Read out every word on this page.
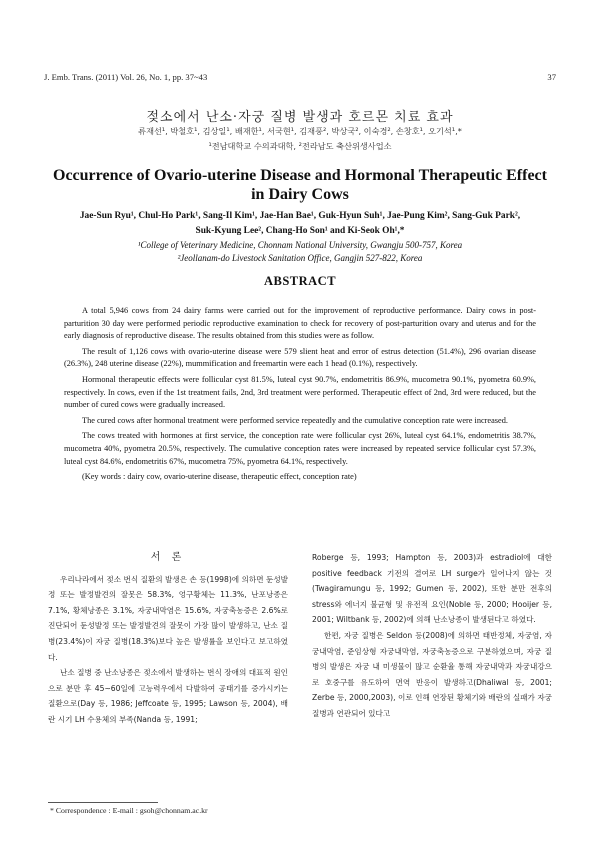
J. Emb. Trans. (2011) Vol. 26, No. 1, pp. 37~43	37
젖소에서 난소·자궁 질병 발생과 호르몬 치료 효과
류재선¹, 박철호¹, 김상일¹, 배재한¹, 서국현¹, 김재풍², 박상국², 이숙경², 손창호¹, 오기석¹,*
¹전남대학교 수의과대학, ²전라남도 축산위생사업소
Occurrence of Ovario-uterine Disease and Hormonal Therapeutic Effect
in Dairy Cows
Jae-Sun Ryu¹, Chul-Ho Park¹, Sang-Il Kim¹, Jae-Han Bae¹, Guk-Hyun Suh¹, Jae-Pung Kim², Sang-Guk Park²,
Suk-Kyung Lee², Chang-Ho Son¹ and Ki-Seok Oh¹,*
¹College of Veterinary Medicine, Chonnam National University, Gwangju 500-757, Korea
²Jeollanam-do Livestock Sanitation Office, Gangjin 527-822, Korea
ABSTRACT

A total 5,946 cows from 24 dairy farms were carried out for the improvement of reproductive performance. Dairy cows in post-parturition 30 day were performed periodic reproductive examination to check for recovery of post-parturition ovary and uterus and for the early diagnosis of reproductive disease. The results obtained from this studies were as follow.

The result of 1,126 cows with ovario-uterine disease were 579 slient heat and error of estrus detection (51.4%), 296 ovarian disease (26.3%), 248 uterine disease (22%), mummification and freemartin were each 1 head (0.1%), respectively.

Hormonal therapeutic effects were follicular cyst 81.5%, luteal cyst 90.7%, endometritis 86.9%, mucometra 90.1%, pyometra 60.9%, respectively. In cows, even if the 1st treatment fails, 2nd, 3rd treatment were performed. Therapeutic effect of 2nd, 3rd were reduced, but the number of cured cows were gradually increased.

The cured cows after hormonal treatment were performed service repeatedly and the cumulative conception rate were increased.

The cows treated with hormones at first service, the conception rate were follicular cyst 26%, luteal cyst 64.1%, endometritis 38.7%, mucometra 40%, pyometra 20.5%, respectively. The cumulative conception rates were increased by repeated service follicular cyst 57.3%, luteal cyst 84.6%, endometritis 67%, mucometra 75%, pyometra 64.1%, respectively.

(Key words : dairy cow, ovario-uterine disease, therapeutic effect, conception rate)

서 론

우리나라에서 젖소 번식 질환의 발생은 손 등(1998)에 의하면 둔성발정 또는 발정발견의 잘못은 58.3%, 엉구황체는 11.3%, 난포낭종은 7.1%, 황체낭종은 3.1%, 자궁내막염은 15.6%, 자궁축농증은 2.6%로 진단되어 둔성발정 또는 발정발견의 잘못이 가장 많이 발생하고, 난소 질병(23.4%)이 자궁 질병(18.3%)보다 높은 발생률을 보인다고 보고하였다.

난소 질병 중 난소낭종은 젖소에서 발생하는 번식 장애의 대표적 원인으로 분만 후 45~60일에 고능력우에서 다발하여 공태기를 증가시키는 질환으로(Day 등, 1986; Jeffcoate 등, 1995; Lawson 등, 2004), 배란 시기 LH 수용체의 부족(Nanda 등, 1991;

Roberge 등, 1993; Hampton 등, 2003)과 estradiol에 대한 positive feedback 기전의 결여로 LH surge가 일어나지 않는 것(Twagiramungu 등, 1992; Gumen 등, 2002), 또한 분만 전후의 stress와 에너지 불균형 및 유전적 요인(Noble 등, 2000; Hooijer 등, 2001; Wiltbank 등, 2002)에 의해 난소낭종이 발생된다고 하였다.

한편, 자궁 질병은 Seldon 등(2008)에 의하면 태반정체, 자궁염, 자궁내막염, 준임상형 자궁내막염, 자궁축농증으로 구분하였으며, 자궁 질병의 발생은 자궁 내 미생물이 많고 순환율 통해 자궁내막과 자궁내강으로 호중구를 유도하여 면역 반응이 발생하고(Dhaliwal 등, 2001; Zerbe 등, 2000,2003), 이로 인해 연장된 황체기와 배란의 실패가 자궁 질병과 연관되어 있다고

* Correspondence : E-mail : gsoh@chonnam.ac.kr
